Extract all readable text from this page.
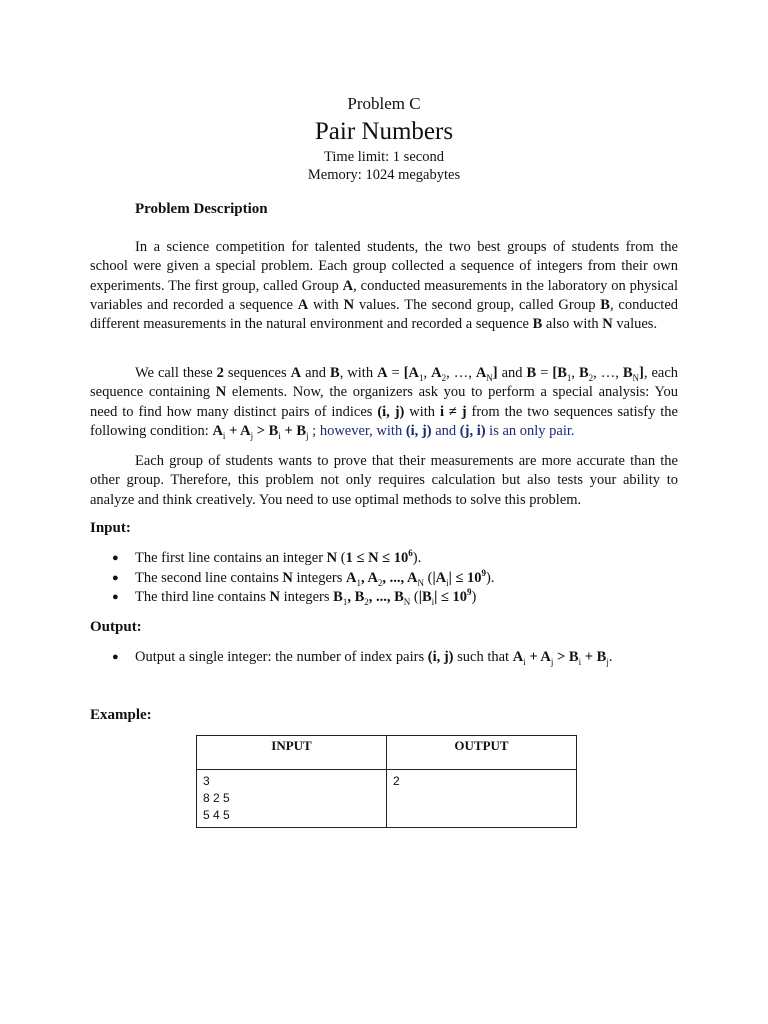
Problem C
Pair Numbers
Time limit: 1 second
Memory: 1024 megabytes
Problem Description
In a science competition for talented students, the two best groups of students from the school were given a special problem. Each group collected a sequence of integers from their own experiments. The first group, called Group A, conducted measurements in the laboratory on physical variables and recorded a sequence A with N values. The second group, called Group B, conducted different measurements in the natural environment and recorded a sequence B also with N values.
We call these 2 sequences A and B, with $A = [A_1$, $A_2$, …, $A_N$] and $B = [B_1$, $B_2$, …, $B_N$], each sequence containing N elements. Now, the organizers ask you to perform a special analysis: You need to find how many distinct pairs of indices (i, j) with i ≠ j from the two sequences satisfy the following condition: $A_i + A_j > B_i + B_j$ ; however, with (i, j) and (j, i) is an only pair.
Each group of students wants to prove that their measurements are more accurate than the other group. Therefore, this problem not only requires calculation but also tests your ability to analyze and think creatively. You need to use optimal methods to solve this problem.
Input:
● The first line contains an integer N $(1 \le N \le 10^6)$.
● The second line contains N integers $A_1$, $A_2$, ..., $A_N$ $(|A_i| \le 10^9)$.
● The third line contains N integers $B_1$, $B_2$, ..., $B_N$ $(|B_i| \le 10^9)$
Output:
● Output a single integer: the number of index pairs (i, j) such that $A_i + A_j > B_i + B_j$.
Example:
INPUT	OUTPUT

3
8 2 5
5 4 5	2
